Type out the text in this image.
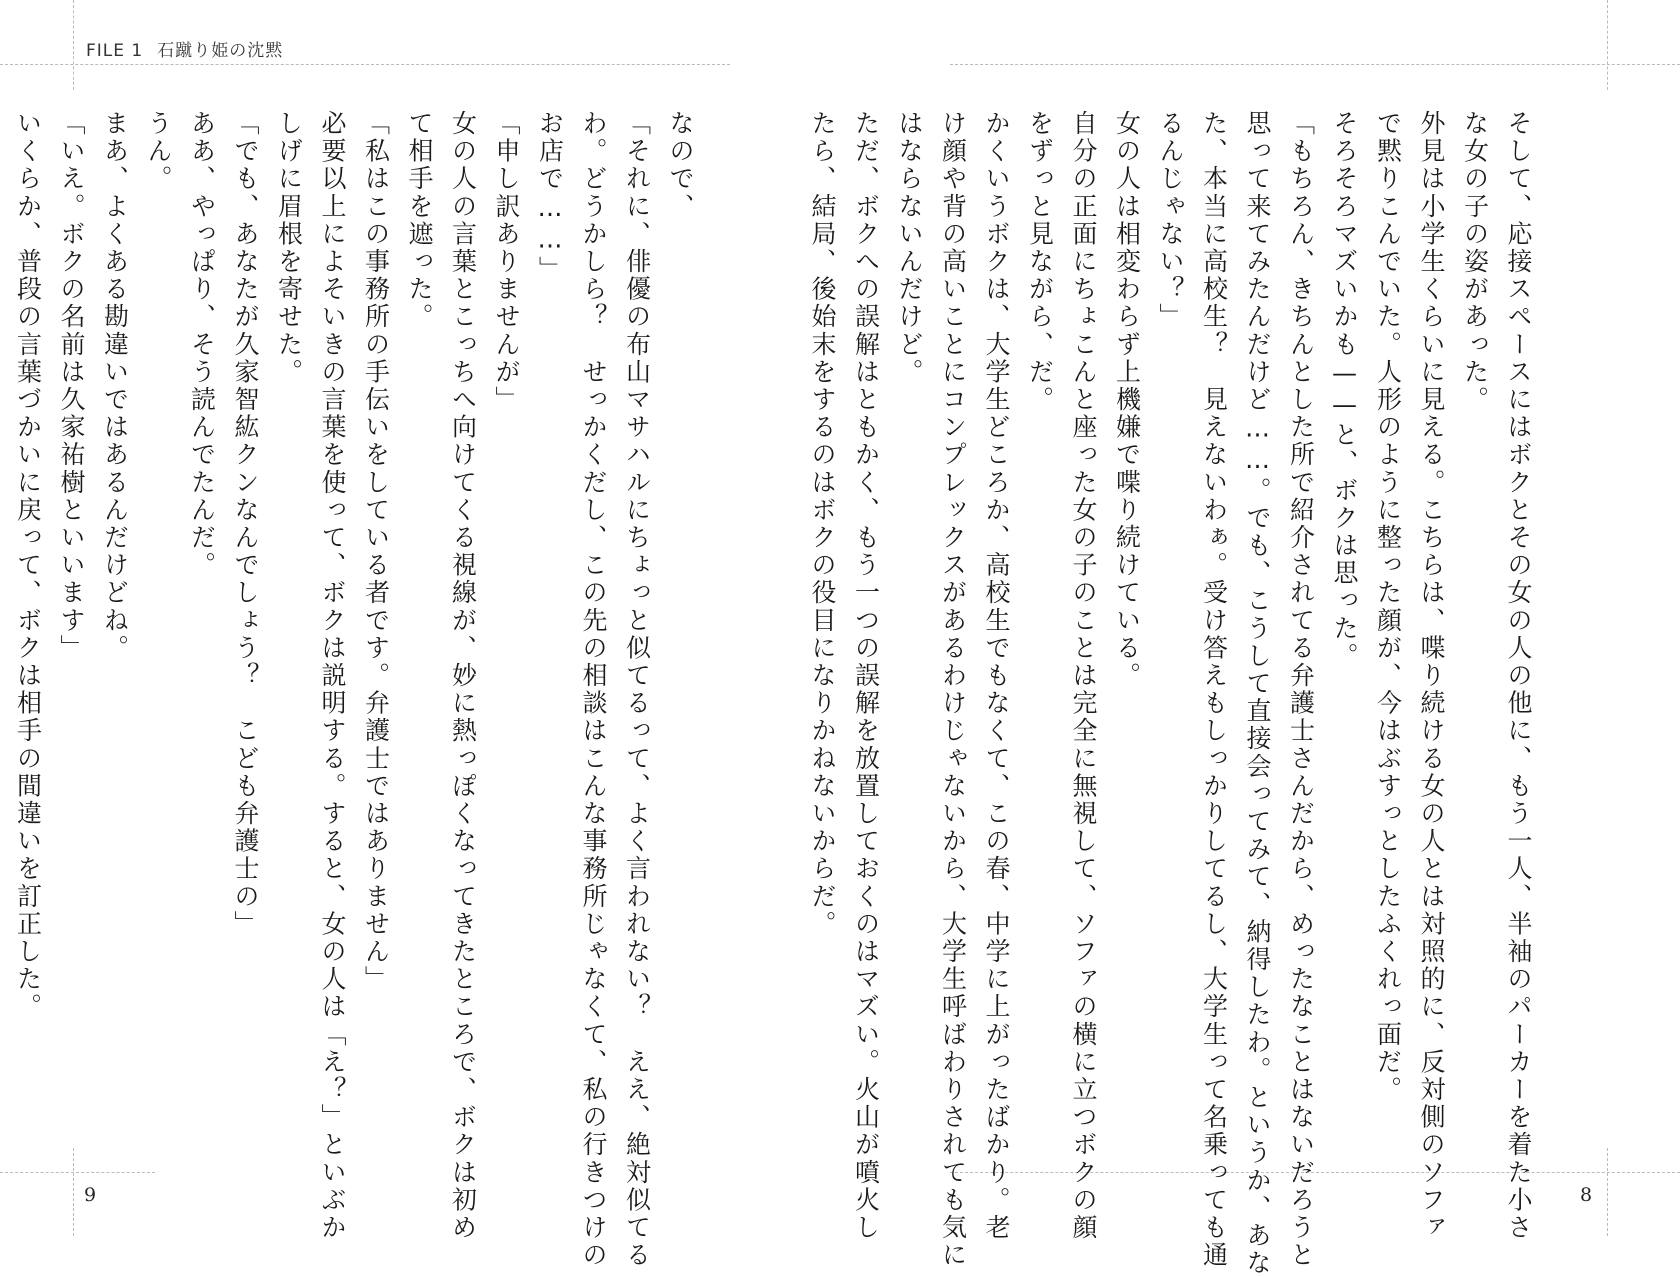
FILE 1 石蹴り姫の沈黙

そして、応接スペースにはボクとその女の人の他に、もう一人、半袖のパーカーを着た小さ

な女の子の姿があった。

外見は小学生くらいに見える。こちらは、喋り続ける女の人とは対照的に、反対側のソファ

で黙りこんでいた。人形のように整った顔が、今はぶすっとしたふくれっ面だ。

そろそろマズいかも——と、ボクは思った。

「もちろん、きちんとした所で紹介されてる弁護士さんだから、めったなことはないだろうと

思って来てみたんだけど……。でも、こうして直接会ってみて、納得したわ。というか、あな

た、本当に高校生？　見えないわぁ。受け答えもしっかりしてるし、大学生って名乗っても通

るんじゃない？」

女の人は相変わらず上機嫌で喋り続けている。

自分の正面にちょこんと座った女の子のことは完全に無視して、ソファの横に立つボクの顔

をずっと見ながら、だ。

かくいうボクは、大学生どころか、高校生でもなくて、この春、中学に上がったばかり。老

け顔や背の高いことにコンプレックスがあるわけじゃないから、大学生呼ばわりされても気に

はならないんだけど。

ただ、ボクへの誤解はともかく、もう一つの誤解を放置しておくのはマズい。火山が噴火し

たら、結局、後始末をするのはボクの役目になりかねないからだ。

なので、

「それに、俳優の布山マサハルにちょっと似てるって、よく言われない？　ええ、絶対似てる

わ。どうかしら？　せっかくだし、この先の相談はこんな事務所じゃなくて、私の行きつけの

お店で……」

「申し訳ありませんが」

女の人の言葉とこっちへ向けてくる視線が、妙に熱っぽくなってきたところで、ボクは初め

て相手を遮った。

「私はこの事務所の手伝いをしている者です。弁護士ではありません」

必要以上によそいきの言葉を使って、ボクは説明する。すると、女の人は「え？」といぶか

しげに眉根を寄せた。

「でも、あなたが久家智紘クンなんでしょう？　こども弁護士の」

ああ、やっぱり、そう読んでたんだ。

うん。

まあ、よくある勘違いではあるんだけどね。

「いえ。ボクの名前は久家祐樹といいます」

いくらか、普段の言葉づかいに戻って、ボクは相手の間違いを訂正した。

9	8
